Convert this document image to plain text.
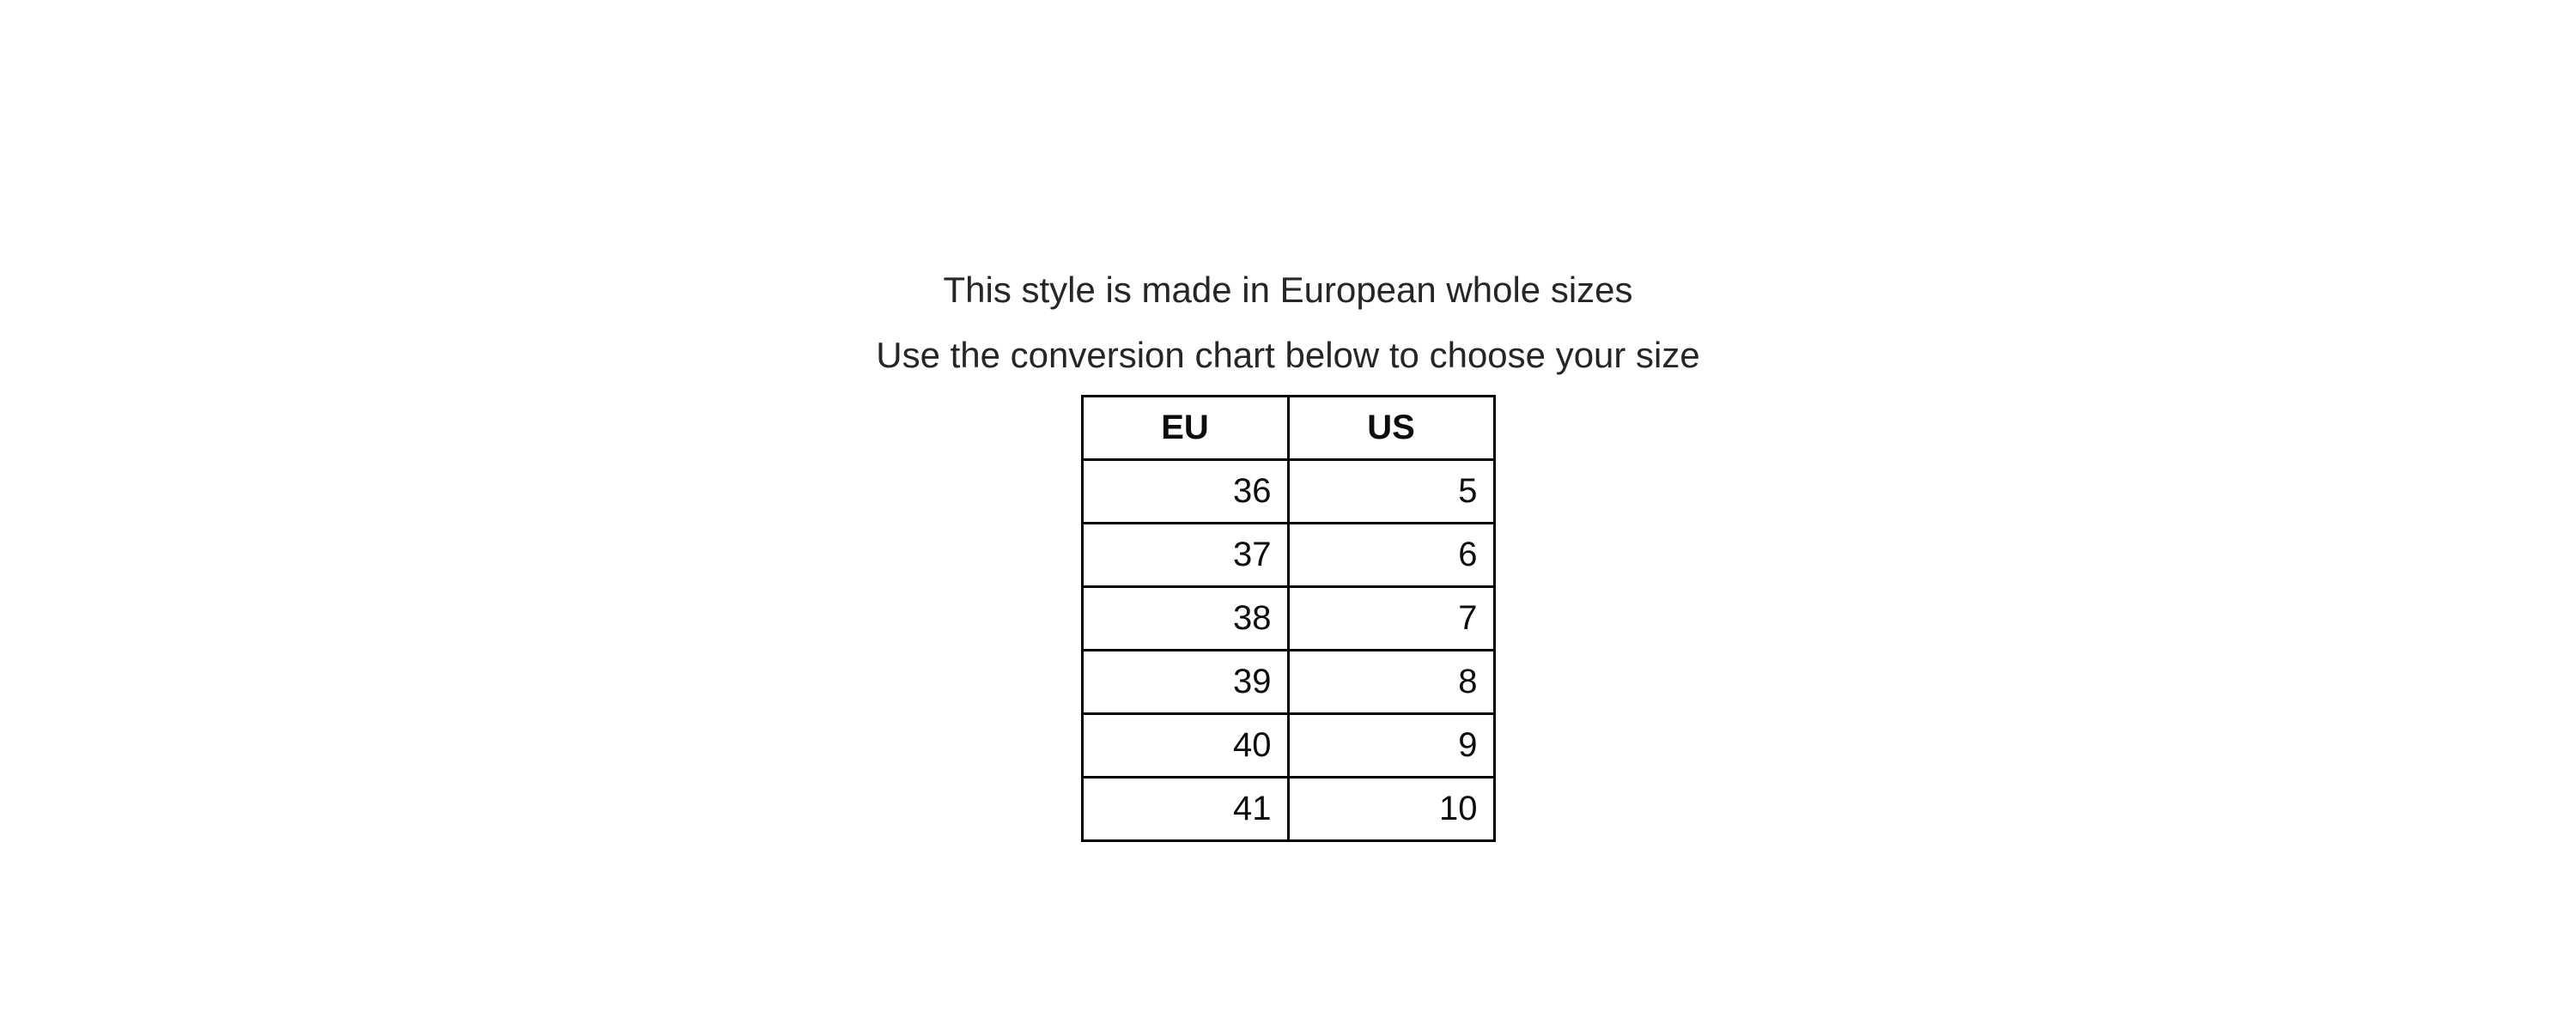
This style is made in European whole sizes
Use the conversion chart below to choose your size
EU	US
36	5
37	6
38	7
39	8
40	9
41	10
